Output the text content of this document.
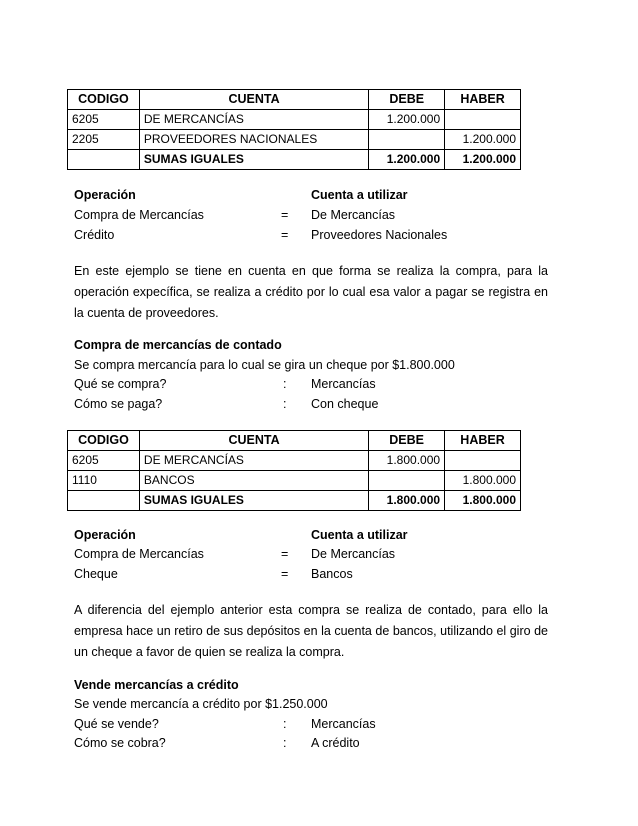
CODIGO	CUENTA	DEBE	HABER
6205	DE MERCANCÍAS	1.200.000	
2205	PROVEEDORES NACIONALES		1.200.000
	SUMAS IGUALES	1.200.000	1.200.000
Operación	Cuenta a utilizar
Compra de Mercancías	= De Mercancías
Crédito	= Proveedores Nacionales
En este ejemplo se tiene en cuenta en que forma se realiza la compra, para la operación expecífica, se realiza a crédito por lo cual esa valor a pagar se registra en la cuenta de proveedores.
Compra de mercancías de contado
Se compra mercancía para lo cual se gira un cheque por $1.800.000
Qué se compra?	: Mercancías
Cómo se paga?	: Con cheque
CODIGO	CUENTA	DEBE	HABER
6205	DE MERCANCÍAS	1.800.000	
1110	BANCOS		1.800.000
	SUMAS IGUALES	1.800.000	1.800.000
Operación	Cuenta a utilizar
Compra de Mercancías	= De Mercancías
Cheque	= Bancos
A diferencia del ejemplo anterior esta compra se realiza de contado, para ello la empresa hace un retiro de sus depósitos en la cuenta de bancos, utilizando el giro de un cheque a favor de quien se realiza la compra.
Vende mercancías a crédito
Se vende mercancía a crédito por $1.250.000
Qué se vende?	: Mercancías
Cómo se cobra?	: A crédito
